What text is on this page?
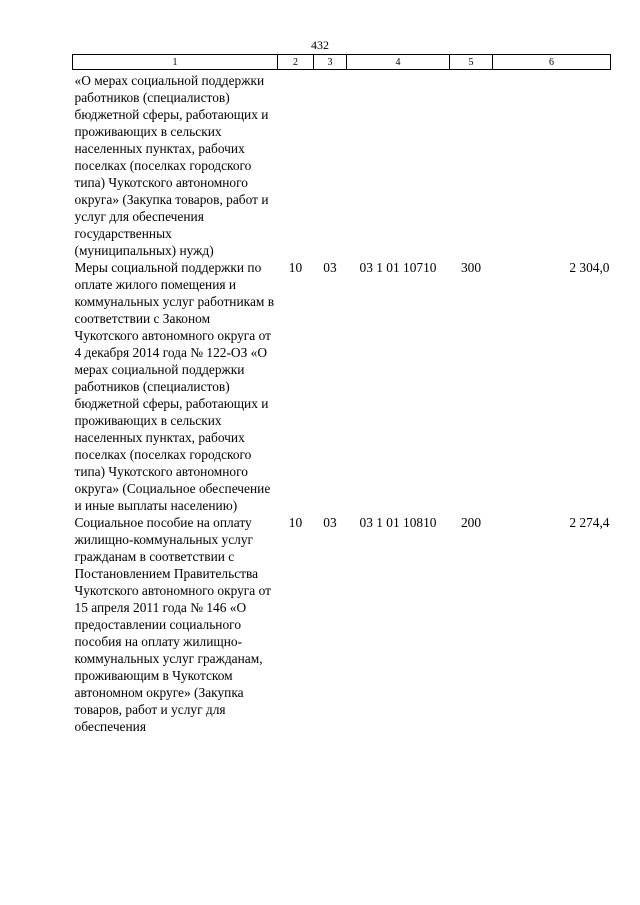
432
1	2	3	4	5	6
«О мерах социальной поддержки работников (специалистов) бюджетной сферы, работающих и проживающих в сельских населенных пунктах, рабочих поселках (поселках городского типа) Чукотского автономного округа» (Закупка товаров, работ и услуг для обеспечения государственных (муниципальных) нужд)					
Меры социальной поддержки по оплате жилого помещения и коммунальных услуг работникам в соответствии с Законом Чукотского автономного округа от 4 декабря 2014 года № 122-ОЗ «О мерах социальной поддержки работников (специалистов) бюджетной сферы, работающих и проживающих в сельских населенных пунктах, рабочих поселках (поселках городского типа) Чукотского автономного округа» (Социальное обеспечение и иные выплаты населению)	10	03	03 1 01 10710	300	2 304,0
Социальное пособие на оплату жилищно-коммунальных услуг гражданам в соответствии с Постановлением Правительства Чукотского автономного округа от 15 апреля 2011 года № 146 «О предоставлении социального пособия на оплату жилищно-коммунальных услуг гражданам, проживающим в Чукотском автономном округе» (Закупка товаров, работ и услуг для обеспечения	10	03	03 1 01 10810	200	2 274,4
